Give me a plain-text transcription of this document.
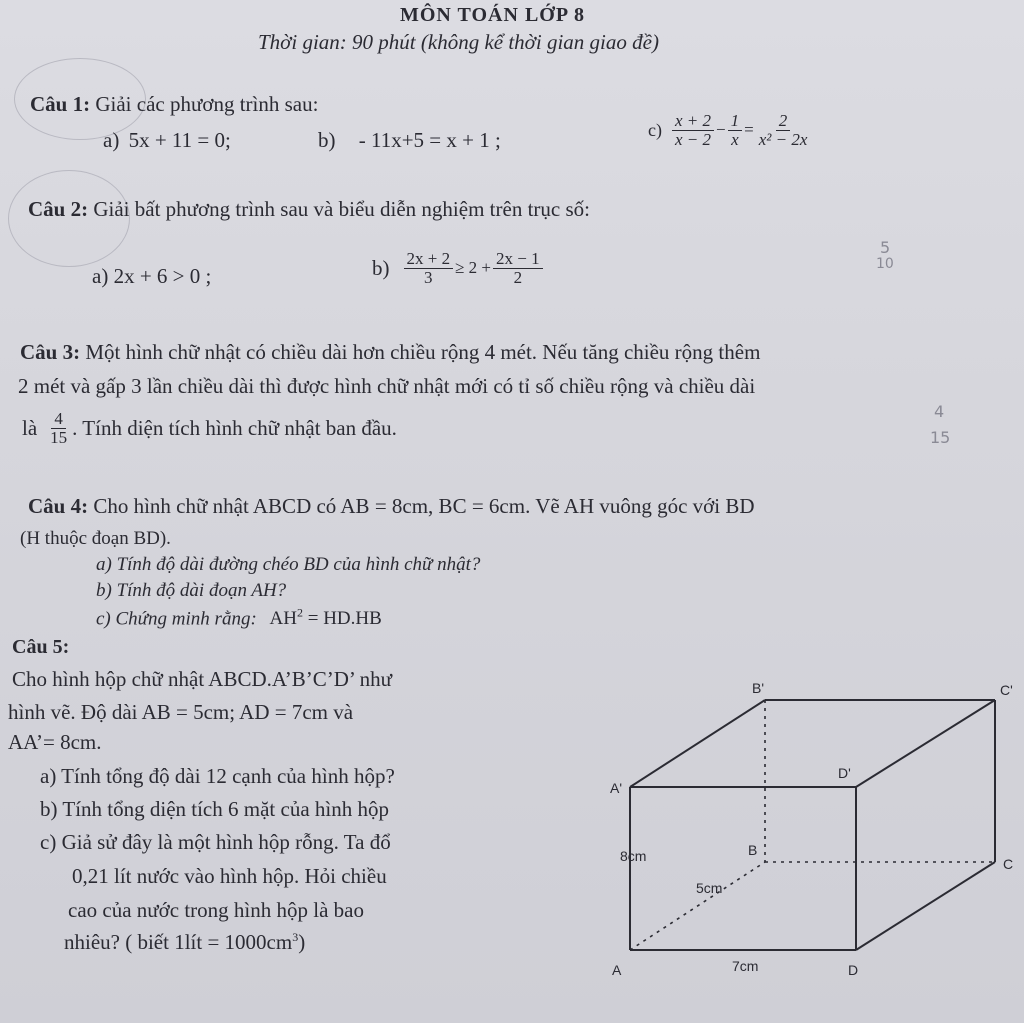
MÔN TOÁN LỚP 8
Thời gian: 90 phút (không kể thời gian giao đề)
Câu 1: Giải các phương trình sau:
a) 5x + 11 = 0;	b) - 11x+5 = x + 1 ;	$c) \frac{x + 2}{x - 2} - \frac{1}{x} = \frac{2}{\text{x² − 2x}}$
Câu 2: Giải bất phương trình sau và biểu diễn nghiệm trên trục số:
a) 2x + 6 > 0 ;	$b) \frac{2x + 2}{3} \ge 2 + \frac{2x - 1}{2}$
5
10
4
15
Câu 3: Một hình chữ nhật có chiều dài hơn chiều rộng 4 mét. Nếu tăng chiều rộng thêm
2 mét và gấp 3 lần chiều dài thì được hình chữ nhật mới có tỉ số chiều rộng và chiều dài
là $\frac{4}{15}$ . Tính diện tích hình chữ nhật ban đầu.
Câu 4: Cho hình chữ nhật ABCD có AB = 8cm, BC = 6cm. Vẽ AH vuông góc với BD
(H thuộc đoạn BD).
a) Tính độ dài đường chéo BD của hình chữ nhật?
b) Tính độ dài đoạn AH?
c) Chứng minh rằng: $AH^2 = HD.HB$
Câu 5:
Cho hình hộp chữ nhật ABCD.A’B’C’D’ như
hình vẽ. Độ dài AB = 5cm; AD = 7cm và
AA’= 8cm.
a) Tính tổng độ dài 12 cạnh của hình hộp?
b) Tính tổng diện tích 6 mặt của hình hộp
c) Giả sử đây là một hình hộp rỗng. Ta đổ
0,21 lít nước vào hình hộp. Hỏi chiều
cao của nước trong hình hộp là bao
nhiêu? ( biết 1lít = $1000cm^3$)
B'	C'
D'
A'
8cm	B
C
5cm
A	7cm	D
